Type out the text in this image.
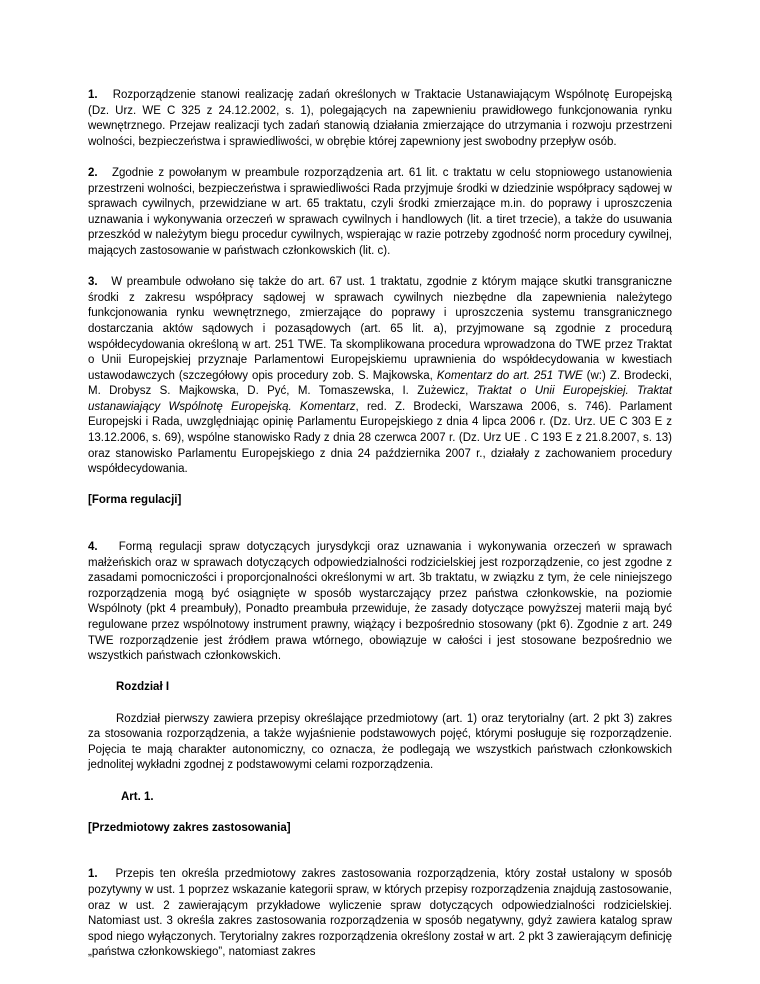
1. Rozporządzenie stanowi realizację zadań określonych w Traktacie Ustanawiającym Wspólnotę Europejską (Dz. Urz. WE C 325 z 24.12.2002, s. 1), polegających na zapewnieniu prawidłowego funkcjonowania rynku wewnętrznego. Przejaw realizacji tych zadań stanowią działania zmierzające do utrzymania i rozwoju przestrzeni wolności, bezpieczeństwa i sprawiedliwości, w obrębie której zapewniony jest swobodny przepływ osób.

2. Zgodnie z powołanym w preambule rozporządzenia art. 61 lit. c traktatu w celu stopniowego ustanowienia przestrzeni wolności, bezpieczeństwa i sprawiedliwości Rada przyjmuje środki w dziedzinie współpracy sądowej w sprawach cywilnych, przewidziane w art. 65 traktatu, czyli środki zmierzające m.in. do poprawy i uproszczenia uznawania i wykonywania orzeczeń w sprawach cywilnych i handlowych (lit. a tiret trzecie), a także do usuwania przeszkód w należytym biegu procedur cywilnych, wspierając w razie potrzeby zgodność norm procedury cywilnej, mających zastosowanie w państwach członkowskich (lit. c).

3. W preambule odwołano się także do art. 67 ust. 1 traktatu, zgodnie z którym mające skutki transgraniczne środki z zakresu współpracy sądowej w sprawach cywilnych niezbędne dla zapewnienia należytego funkcjonowania rynku wewnętrznego, zmierzające do poprawy i uproszczenia systemu transgranicznego dostarczania aktów sądowych i pozasądowych (art. 65 lit. a), przyjmowane są zgodnie z procedurą współdecydowania określoną w art. 251 TWE. Ta skomplikowana procedura wprowadzona do TWE przez Traktat o Unii Europejskiej przyznaje Parlamentowi Europejskiemu uprawnienia do współdecydowania w kwestiach ustawodawczych (szczegółowy opis procedury zob. S. Majkowska, Komentarz do art. 251 TWE (w:) Z. Brodecki, M. Drobysz S. Majkowska, D. Pyć, M. Tomaszewska, I. Zużewicz, Traktat o Unii Europejskiej. Traktat ustanawiający Wspólnotę Europejską. Komentarz, red. Z. Brodecki, Warszawa 2006, s. 746). Parlament Europejski i Rada, uwzględniając opinię Parlamentu Europejskiego z dnia 4 lipca 2006 r. (Dz. Urz. UE C 303 E z 13.12.2006, s. 69), wspólne stanowisko Rady z dnia 28 czerwca 2007 r. (Dz. Urz UE . C 193 E z 21.8.2007, s. 13) oraz stanowisko Parlamentu Europejskiego z dnia 24 października 2007 r., działały z zachowaniem procedury współdecydowania.

[Forma regulacji]

4. Formą regulacji spraw dotyczących jurysdykcji oraz uznawania i wykonywania orzeczeń w sprawach małżeńskich oraz w sprawach dotyczących odpowiedzialności rodzicielskiej jest rozporządzenie, co jest zgodne z zasadami pomocniczości i proporcjonalności określonymi w art. 3b traktatu, w związku z tym, że cele niniejszego rozporządzenia mogą być osiągnięte w sposób wystarczający przez państwa członkowskie, na poziomie Wspólnoty (pkt 4 preambuły), Ponadto preambuła przewiduje, że zasady dotyczące powyższej materii mają być regulowane przez wspólnotowy instrument prawny, wiążący i bezpośrednio stosowany (pkt 6). Zgodnie z art. 249 TWE rozporządzenie jest źródłem prawa wtórnego, obowiązuje w całości i jest stosowane bezpośrednio we wszystkich państwach członkowskich.

Rozdział I

Rozdział pierwszy zawiera przepisy określające przedmiotowy (art. 1) oraz terytorialny (art. 2 pkt 3) zakres za stosowania rozporządzenia, a także wyjaśnienie podstawowych pojęć, którymi posługuje się rozporządzenie. Pojęcia te mają charakter autonomiczny, co oznacza, że podlegają we wszystkich państwach członkowskich jednolitej wykładni zgodnej z podstawowymi celami rozporządzenia.

Art. 1.

[Przedmiotowy zakres zastosowania]

1. Przepis ten określa przedmiotowy zakres zastosowania rozporządzenia, który został ustalony w sposób pozytywny w ust. 1 poprzez wskazanie kategorii spraw, w których przepisy rozporządzenia znajdują zastosowanie, oraz w ust. 2 zawierającym przykładowe wyliczenie spraw dotyczących odpowiedzialności rodzicielskiej. Natomiast ust. 3 określa zakres zastosowania rozporządzenia w sposób negatywny, gdyż zawiera katalog spraw spod niego wyłączonych. Terytorialny zakres rozporządzenia określony został w art. 2 pkt 3 zawierającym definicję „państwa członkowskiego”, natomiast zakres
